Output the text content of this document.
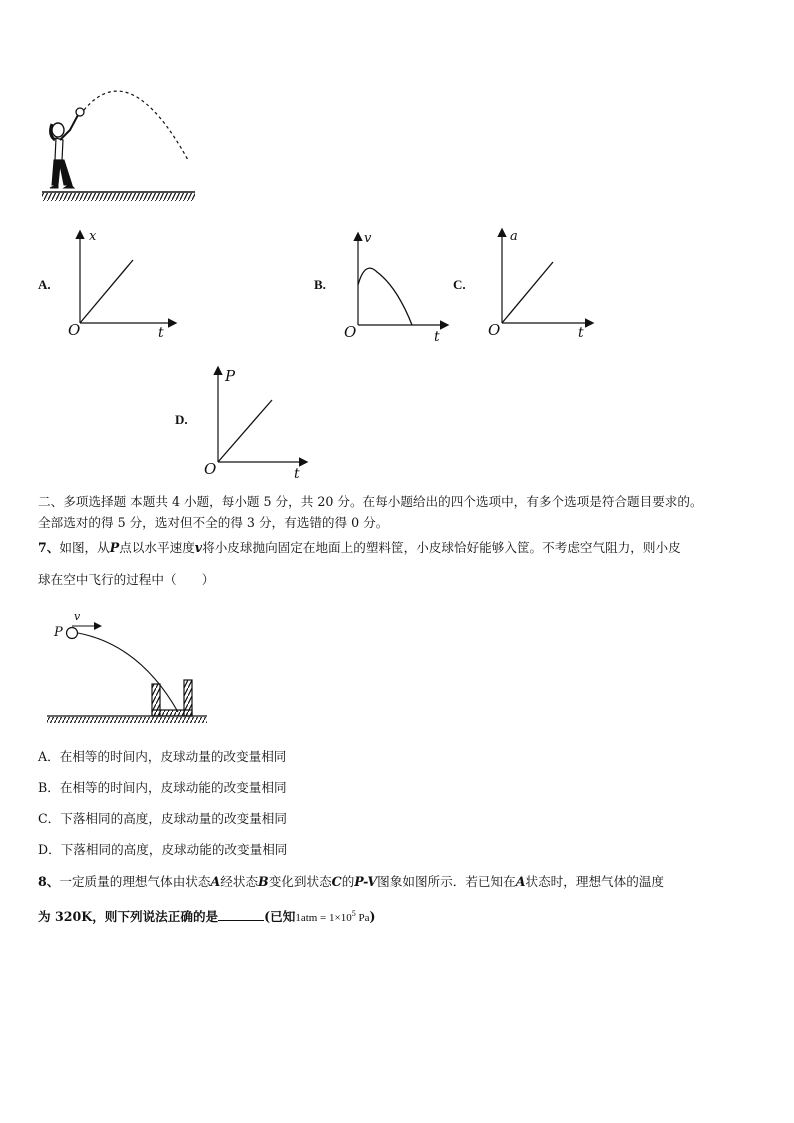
A.
x
O	t
B.
v
O	t
C.
a
O	t
D.
P
O	t
二、多项选择题 本题共 4 小题，每小题 5 分，共 20 分。在每小题给出的四个选项中，有多个选项是符合题目要求的。
全部选对的得 5 分，选对但不全的得 3 分，有选错的得 0 分。
7、如图，从P点以水平速度v将小皮球抛向固定在地面上的塑料筐，小皮球恰好能够入筐。不考虑空气阻力，则小皮
球在空中飞行的过程中（　　）
v
P
A．在相等的时间内，皮球动量的改变量相同
B．在相等的时间内，皮球动能的改变量相同
C．下落相同的高度，皮球动量的改变量相同
D．下落相同的高度，皮球动能的改变量相同
8、一定质量的理想气体由状态A经状态B变化到状态C的P-V图象如图所示．若已知在A状态时，理想气体的温度
为 320K，则下列说法正确的是	(已知$1atm = 1\times 10^5$ Pa)
